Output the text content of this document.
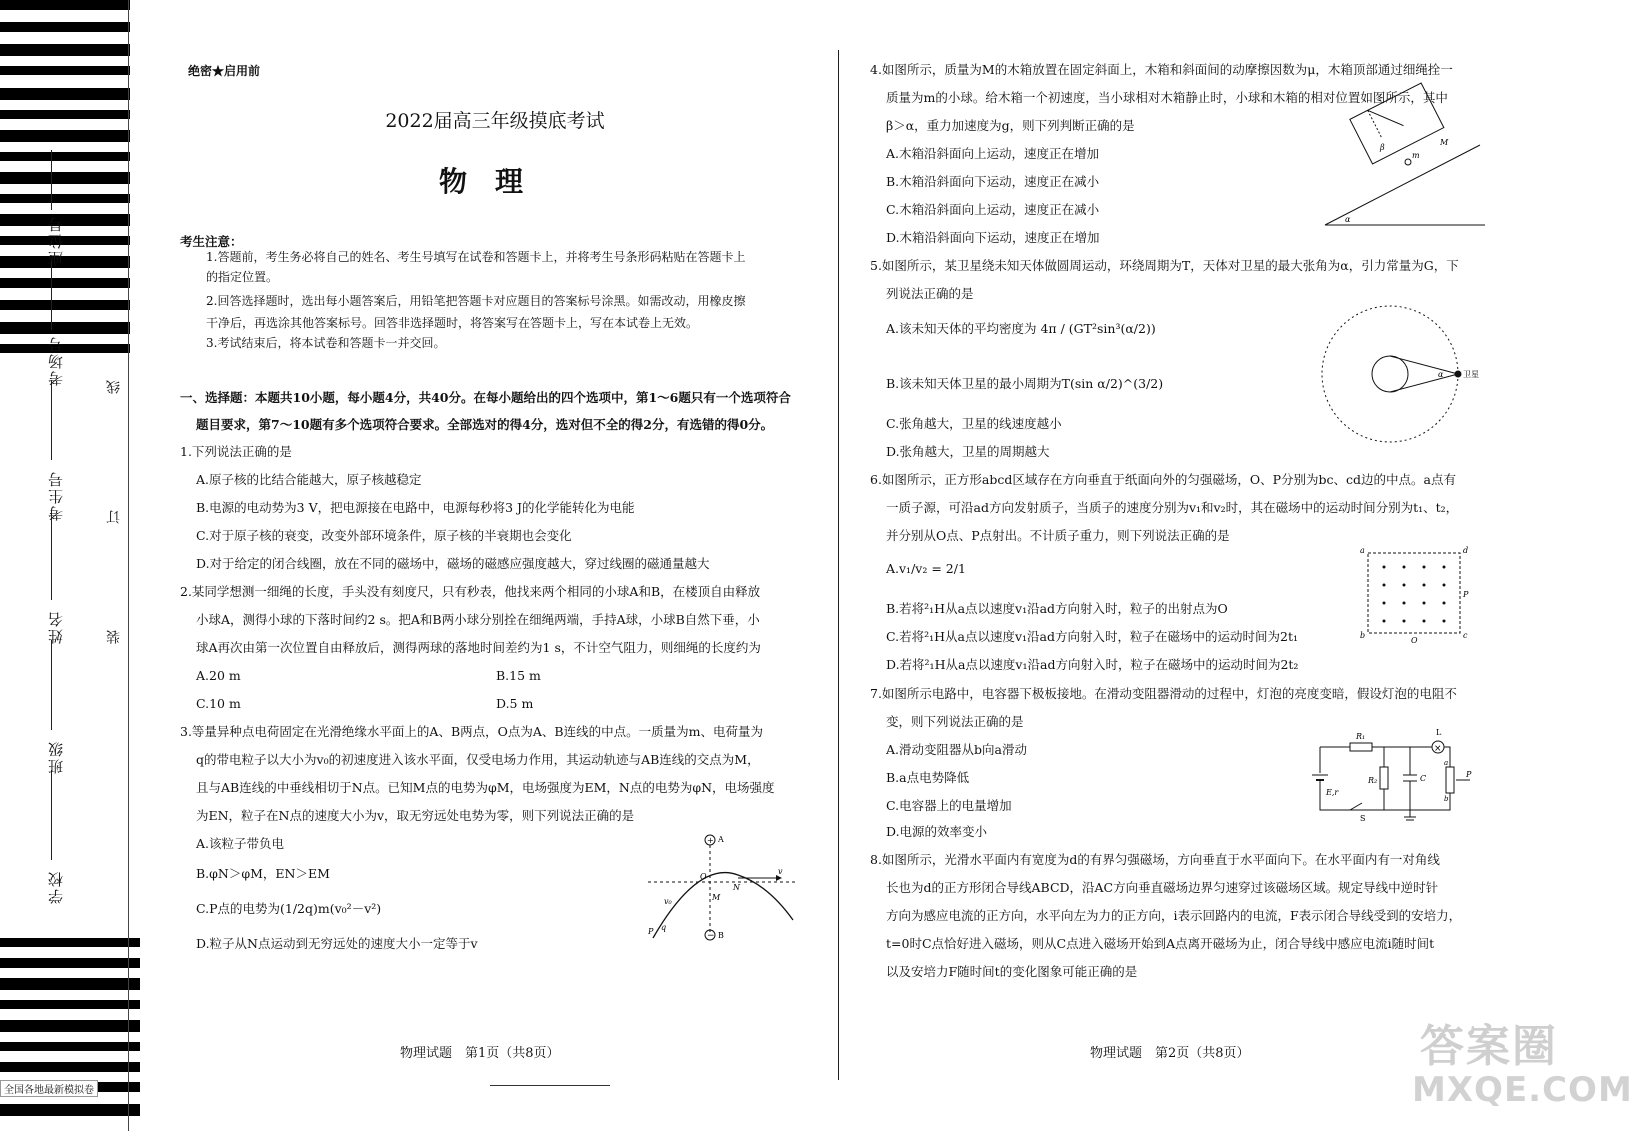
学校
班级
姓名
考生号
考场号
座位号
线
订
装
绝密★启用前
2022届高三年级摸底考试
物理
考生注意：
1.答题前，考生务必将自己的姓名、考生号填写在试卷和答题卡上，并将考生号条形码粘贴在答题卡上
的指定位置。
2.回答选择题时，选出每小题答案后，用铅笔把答题卡对应题目的答案标号涂黑。如需改动，用橡皮擦
干净后，再选涂其他答案标号。回答非选择题时，将答案写在答题卡上，写在本试卷上无效。
3.考试结束后，将本试卷和答题卡一并交回。
一、选择题：本题共10小题，每小题4分，共40分。在每小题给出的四个选项中，第1～6题只有一个选项符合
题目要求，第7～10题有多个选项符合要求。全部选对的得4分，选对但不全的得2分，有选错的得0分。
1.下列说法正确的是
A.原子核的比结合能越大，原子核越稳定
B.电源的电动势为3 V，把电源接在电路中，电源每秒将3 J的化学能转化为电能
C.对于原子核的衰变，改变外部环境条件，原子核的半衰期也会变化
D.对于给定的闭合线圈，放在不同的磁场中，磁场的磁感应强度越大，穿过线圈的磁通量越大
2.某同学想测一细绳的长度，手头没有刻度尺，只有秒表，他找来两个相同的小球A和B，在楼顶自由释放
小球A，测得小球的下落时间约2 s。把A和B两小球分别拴在细绳两端，手持A球，小球B自然下垂，小
球A再次由第一次位置自由释放后，测得两球的落地时间差约为1 s，不计空气阻力，则细绳的长度约为
A.20 m	B.15 m
C.10 m	D.5 m
3.等量异种点电荷固定在光滑绝缘水平面上的A、B两点，O点为A、B连线的中点。一质量为m、电荷量为
q的带电粒子以大小为v₀的初速度进入该水平面，仅受电场力作用，其运动轨迹与AB连线的交点为M，
且与AB连线的中垂线相切于N点。已知M点的电势为φM，电场强度为EM，N点的电势为φN，电场强度
为EN，粒子在N点的速度大小为v，取无穷远处电势为零，则下列说法正确的是
A.该粒子带负电
B.φN＞φM，EN＞EM
C.P点的电势为(1/2q)m(v₀²－v²)
D.粒子从N点运动到无穷远处的速度大小一定等于v
+ A
− B
O
N
M
v
v₀
P q
物理试题　第1页（共8页）
全国各地最新模拟卷
4.如图所示，质量为M的木箱放置在固定斜面上，木箱和斜面间的动摩擦因数为μ，木箱顶部通过细绳拴一
质量为m的小球。给木箱一个初速度，当小球相对木箱静止时，小球和木箱的相对位置如图所示，其中
β＞α，重力加速度为g，则下列判断正确的是
A.木箱沿斜面向上运动，速度正在增加
B.木箱沿斜面向下运动，速度正在减小
C.木箱沿斜面向上运动，速度正在减小
D.木箱沿斜面向下运动，速度正在增加
β
m
M
α
5.如图所示，某卫星绕未知天体做圆周运动，环绕周期为T，天体对卫星的最大张角为α，引力常量为G，下
列说法正确的是
A.该未知天体的平均密度为 4π / (GT²sin³(α/2))
B.该未知天体卫星的最小周期为T(sin α/2)^(3/2)
C.张角越大，卫星的线速度越小
D.张角越大，卫星的周期越大
α 卫星
6.如图所示，正方形abcd区域存在方向垂直于纸面向外的匀强磁场，O、P分别为bc、cd边的中点。a点有
一质子源，可沿ad方向发射质子，当质子的速度分别为v₁和v₂时，其在磁场中的运动时间分别为t₁、t₂，
并分别从O点、P点射出。不计质子重力，则下列说法正确的是
A.v₁/v₂ = 2/1
B.若将²₁H从a点以速度v₁沿ad方向射入时，粒子的出射点为O
C.若将²₁H从a点以速度v₁沿ad方向射入时，粒子在磁场中的运动时间为2t₁
D.若将²₁H从a点以速度v₁沿ad方向射入时，粒子在磁场中的运动时间为2t₂
a	d
b	c
O
P
7.如图所示电路中，电容器下极板接地。在滑动变阻器滑动的过程中，灯泡的亮度变暗，假设灯泡的电阻不
变，则下列说法正确的是
A.滑动变阻器从b向a滑动
B.a点电势降低
C.电容器上的电量增加
D.电源的效率变小
R₁
R₂	C
×
L
a
b
P
E,r
S
8.如图所示，光滑水平面内有宽度为d的有界匀强磁场，方向垂直于水平面向下。在水平面内有一对角线
长也为d的正方形闭合导线ABCD，沿AC方向垂直磁场边界匀速穿过该磁场区域。规定导线中逆时针
方向为感应电流的正方向，水平向左为力的正方向，i表示回路内的电流，F表示闭合导线受到的安培力，
t=0时C点恰好进入磁场，则从C点进入磁场开始到A点离开磁场为止，闭合导线中感应电流i随时间t
以及安培力F随时间t的变化图象可能正确的是
物理试题　第2页（共8页）	答案圈
MXQE.COM
